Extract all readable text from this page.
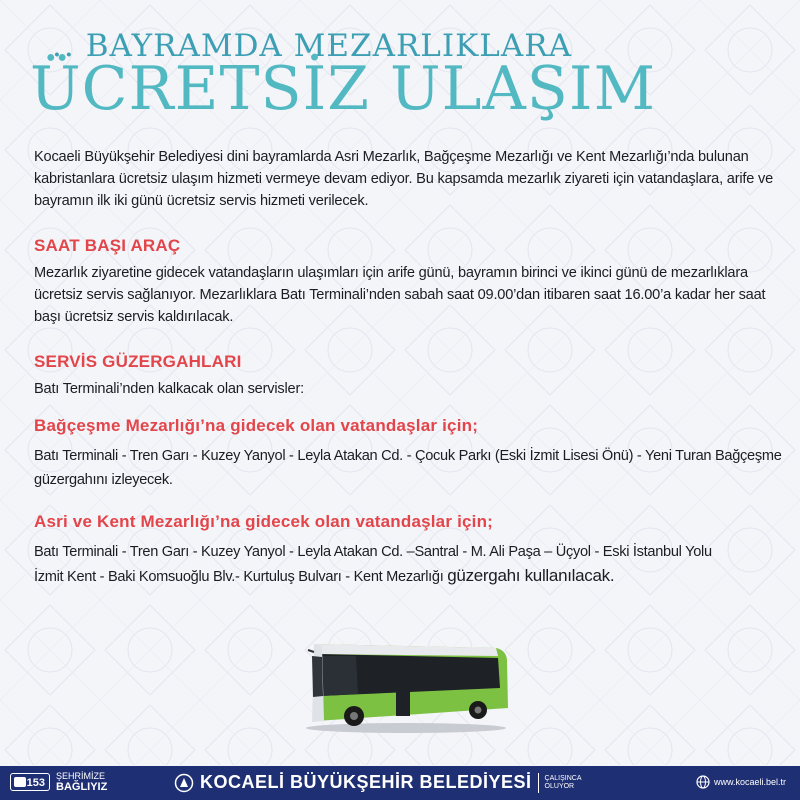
.. BAYRAMDA MEZARLIKLARA
ÜCRETSİZ ULAŞIM
Kocaeli Büyükşehir Belediyesi dini bayramlarda Asri Mezarlık, Bağçeşme Mezarlığı ve Kent Mezarlığı’nda bulunan kabristanlara ücretsiz ulaşım hizmeti vermeye devam ediyor. Bu kapsamda mezarlık ziyareti için vatandaşlara, arife ve bayramın ilk iki günü ücretsiz servis hizmeti verilecek.
SAAT BAŞI ARAÇ
Mezarlık ziyaretine gidecek vatandaşların ulaşımları için arife günü, bayramın birinci ve ikinci günü de mezarlıklara ücretsiz servis sağlanıyor. Mezarlıklara Batı Terminali’nden sabah saat 09.00’dan itibaren saat 16.00’a kadar her saat başı ücretsiz servis kaldırılacak.
SERVİS GÜZERGAHLARI
Batı Terminali’nden kalkacak olan servisler:
Bağçeşme Mezarlığı’na gidecek olan vatandaşlar için;
Batı Terminali - Tren Garı - Kuzey Yanyol - Leyla Atakan Cd. - Çocuk Parkı (Eski İzmit Lisesi Önü) - Yeni Turan Bağçeşme güzergahını izleyecek.
Asri ve Kent Mezarlığı’na gidecek olan vatandaşlar için;
Batı Terminali - Tren Garı - Kuzey Yanyol - Leyla Atakan Cd. –Santral - M. Ali Paşa – Üçyol - Eski İstanbul Yolu
İzmit Kent - Baki Komsuoğlu Blv.- Kurtuluş Bulvarı - Kent Mezarlığı güzergahı kullanılacak.
153
ŞEHRİMİZE
BAĞLIYIZ	KOCAELİ BÜYÜKŞEHİR BELEDİYESİ ÇALIŞINCA
OLUYOR	www.kocaeli.bel.tr
